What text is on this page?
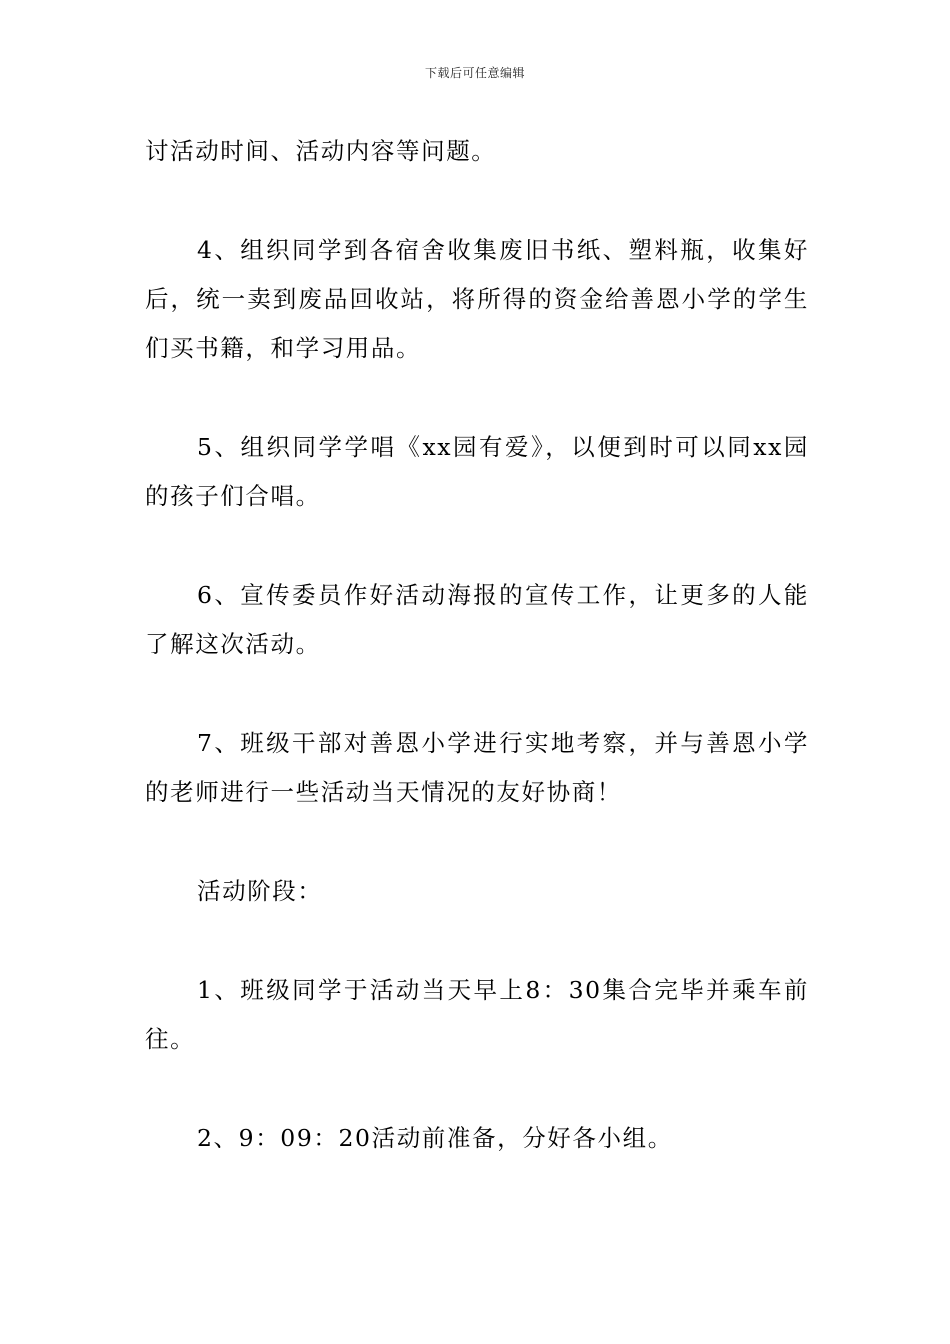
下载后可任意编辑

讨活动时间、活动内容等问题。

4、组织同学到各宿舍收集废旧书纸、塑料瓶，收集好后，统一卖到废品回收站，将所得的资金给善恩小学的学生们买书籍，和学习用品。

5、组织同学学唱《xx园有爱》，以便到时可以同xx园的孩子们合唱。

6、宣传委员作好活动海报的宣传工作，让更多的人能了解这次活动。

7、班级干部对善恩小学进行实地考察，并与善恩小学的老师进行一些活动当天情况的友好协商！

活动阶段：

1、班级同学于活动当天早上8：30集合完毕并乘车前往。

2、9：09：20活动前准备，分好各小组。
